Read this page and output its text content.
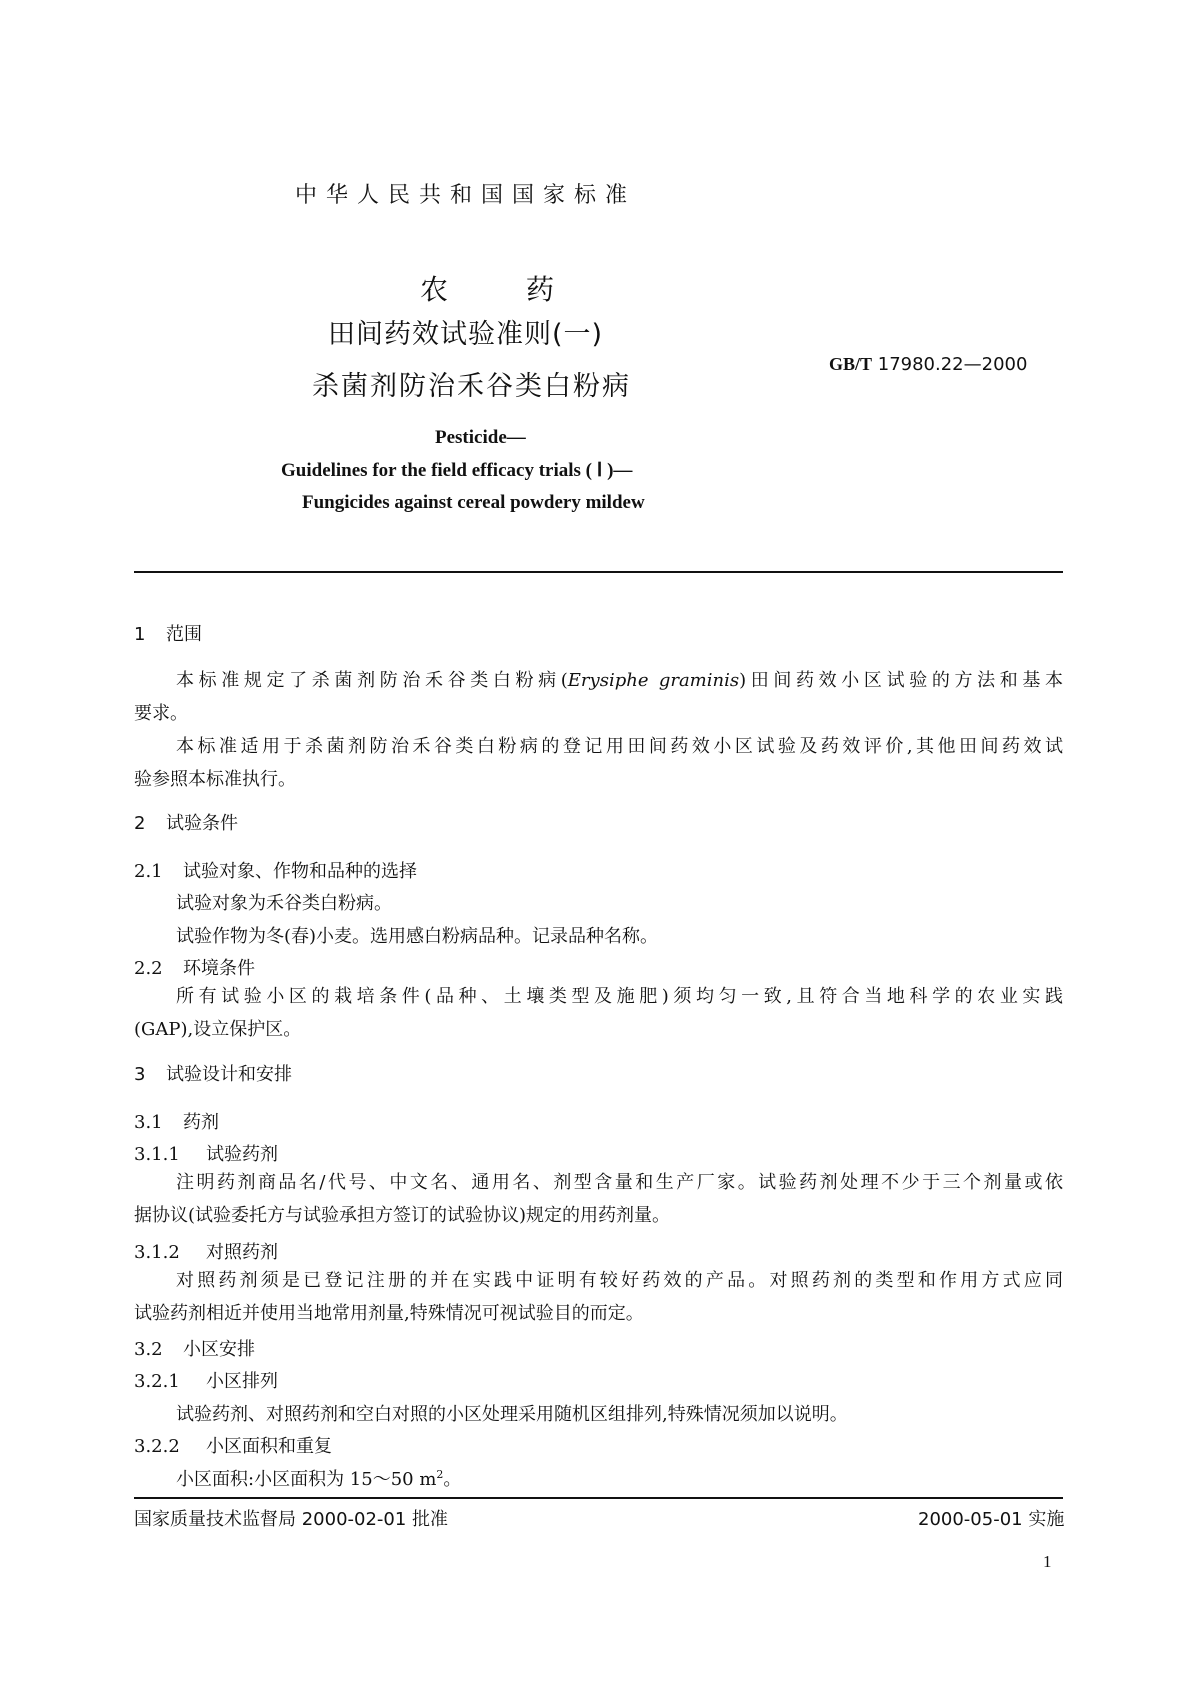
中华人民共和国国家标准
农	药
田间药效试验准则(一)
杀菌剂防治禾谷类白粉病
GB/T 17980.22—2000
Pesticide—
Guidelines for the field efficacy trials ( Ⅰ )—
Fungicides against cereal powdery mildew
1 范围
本标准规定了杀菌剂防治禾谷类白粉病(Erysiphe graminis)田间药效小区试验的方法和基本
要求。
本标准适用于杀菌剂防治禾谷类白粉病的登记用田间药效小区试验及药效评价,其他田间药效试
验参照本标准执行。
2 试验条件
2.1 试验对象、作物和品种的选择
试验对象为禾谷类白粉病。
试验作物为冬(春)小麦。选用感白粉病品种。记录品种名称。
2.2 环境条件
所有试验小区的栽培条件(品种、土壤类型及施肥)须均匀一致,且符合当地科学的农业实践
(GAP),设立保护区。
3 试验设计和安排
3.1 药剂
3.1.1 试验药剂
注明药剂商品名/代号、中文名、通用名、剂型含量和生产厂家。试验药剂处理不少于三个剂量或依
据协议(试验委托方与试验承担方签订的试验协议)规定的用药剂量。
3.1.2 对照药剂
对照药剂须是已登记注册的并在实践中证明有较好药效的产品。对照药剂的类型和作用方式应同
试验药剂相近并使用当地常用剂量,特殊情况可视试验目的而定。
3.2 小区安排
3.2.1 小区排列
试验药剂、对照药剂和空白对照的小区处理采用随机区组排列,特殊情况须加以说明。
3.2.2 小区面积和重复
小区面积:小区面积为 15～50 $m^2$。
国家质量技术监督局 2000-02-01 批准	2000-05-01 实施
1
